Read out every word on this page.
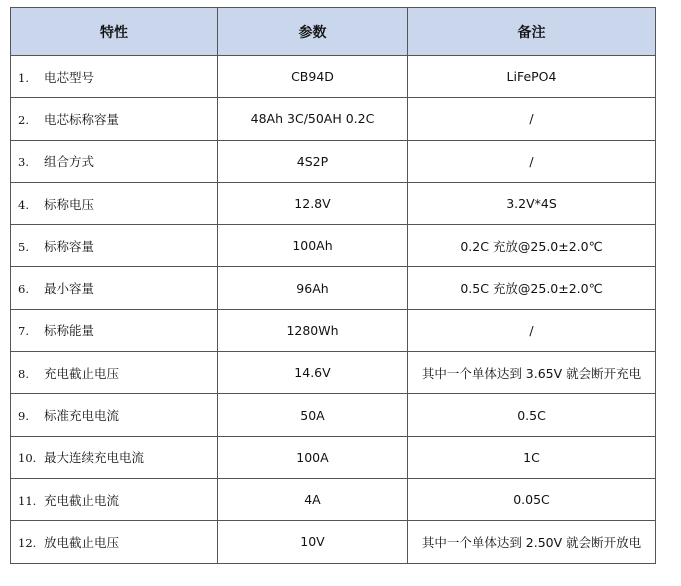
特性	参数	备注
1. 电芯型号	CB94D	LiFePO4
2. 电芯标称容量	48Ah 3C/50AH 0.2C	/
3. 组合方式	4S2P	/
4. 标称电压	12.8V	3.2V*4S
5. 标称容量	100Ah	0.2C 充放@25.0±2.0℃
6. 最小容量	96Ah	0.5C 充放@25.0±2.0℃
7. 标称能量	1280Wh	/
8. 充电截止电压	14.6V	其中一个单体达到 3.65V 就会断开充电
9. 标准充电电流	50A	0.5C
10. 最大连续充电电流	100A	1C
11. 充电截止电流	4A	0.05C
12. 放电截止电压	10V	其中一个单体达到 2.50V 就会断开放电
